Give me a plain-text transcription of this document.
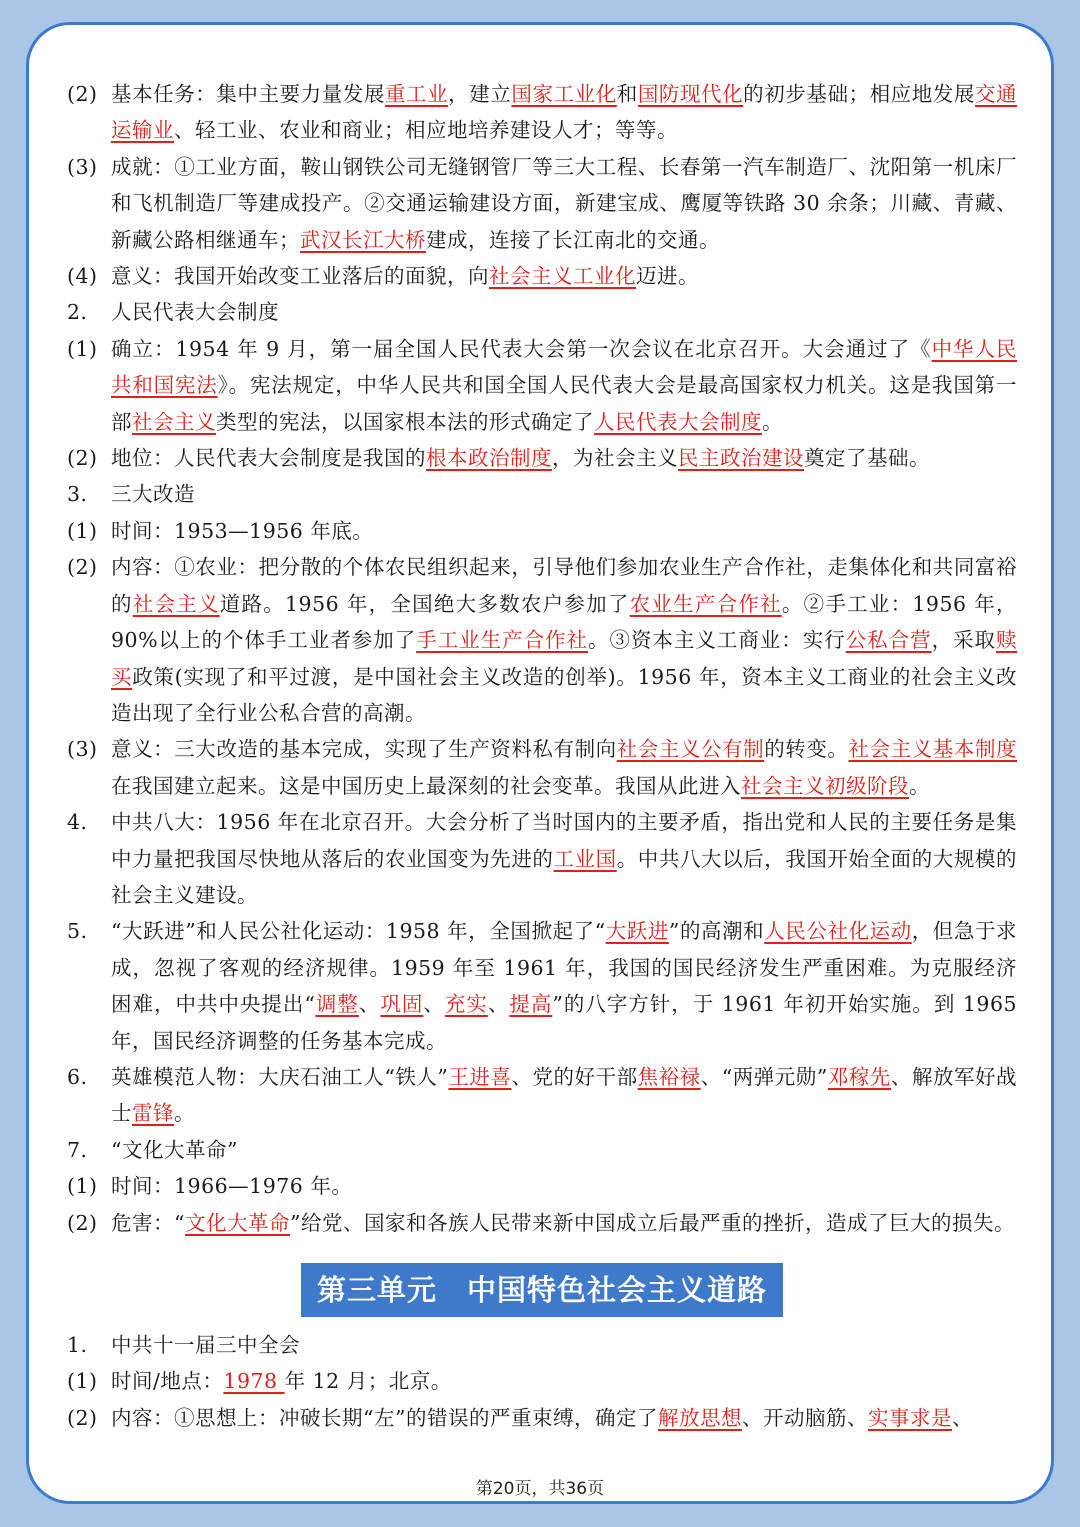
(2) 基本任务：集中主要力量发展重工业，建立国家工业化和国防现代化的初步基础；相应地发展交通运输业、轻工业、农业和商业；相应地培养建设人才；等等。
(3) 成就：①工业方面，鞍山钢铁公司无缝钢管厂等三大工程、长春第一汽车制造厂、沈阳第一机床厂和飞机制造厂等建成投产。②交通运输建设方面，新建宝成、鹰厦等铁路 30 余条；川藏、青藏、新藏公路相继通车；武汉长江大桥建成，连接了长江南北的交通。
(4) 意义：我国开始改变工业落后的面貌，向社会主义工业化迈进。
2. 人民代表大会制度
(1) 确立：1954 年 9 月，第一届全国人民代表大会第一次会议在北京召开。大会通过了《中华人民共和国宪法》。宪法规定，中华人民共和国全国人民代表大会是最高国家权力机关。这是我国第一部社会主义类型的宪法，以国家根本法的形式确定了人民代表大会制度。
(2) 地位：人民代表大会制度是我国的根本政治制度，为社会主义民主政治建设奠定了基础。
3. 三大改造
(1) 时间：1953—1956 年底。
(2) 内容：①农业：把分散的个体农民组织起来，引导他们参加农业生产合作社，走集体化和共同富裕的社会主义道路。1956 年，全国绝大多数农户参加了农业生产合作社。②手工业：1956 年，90%以上的个体手工业者参加了手工业生产合作社。③资本主义工商业：实行公私合营，采取赎买政策(实现了和平过渡，是中国社会主义改造的创举)。1956 年，资本主义工商业的社会主义改造出现了全行业公私合营的高潮。
(3) 意义：三大改造的基本完成，实现了生产资料私有制向社会主义公有制的转变。社会主义基本制度在我国建立起来。这是中国历史上最深刻的社会变革。我国从此进入社会主义初级阶段。
4. 中共八大：1956 年在北京召开。大会分析了当时国内的主要矛盾，指出党和人民的主要任务是集中力量把我国尽快地从落后的农业国变为先进的工业国。中共八大以后，我国开始全面的大规模的社会主义建设。
5. “大跃进”和人民公社化运动：1958 年，全国掀起了“大跃进”的高潮和人民公社化运动，但急于求成，忽视了客观的经济规律。1959 年至 1961 年，我国的国民经济发生严重困难。为克服经济困难，中共中央提出“调整、巩固、充实、提高”的八字方针，于 1961 年初开始实施。到 1965 年，国民经济调整的任务基本完成。
6. 英雄模范人物：大庆石油工人“铁人”王进喜、党的好干部焦裕禄、“两弹元勋”邓稼先、解放军好战士雷锋。
7. “文化大革命”
(1) 时间：1966—1976 年。
(2) 危害：“文化大革命”给党、国家和各族人民带来新中国成立后最严重的挫折，造成了巨大的损失。
第三单元　中国特色社会主义道路
1. 中共十一届三中全会
(1) 时间/地点：1978 年 12 月；北京。
(2) 内容：①思想上：冲破长期“左”的错误的严重束缚，确定了解放思想、开动脑筋、实事求是、
第20页，共36页
